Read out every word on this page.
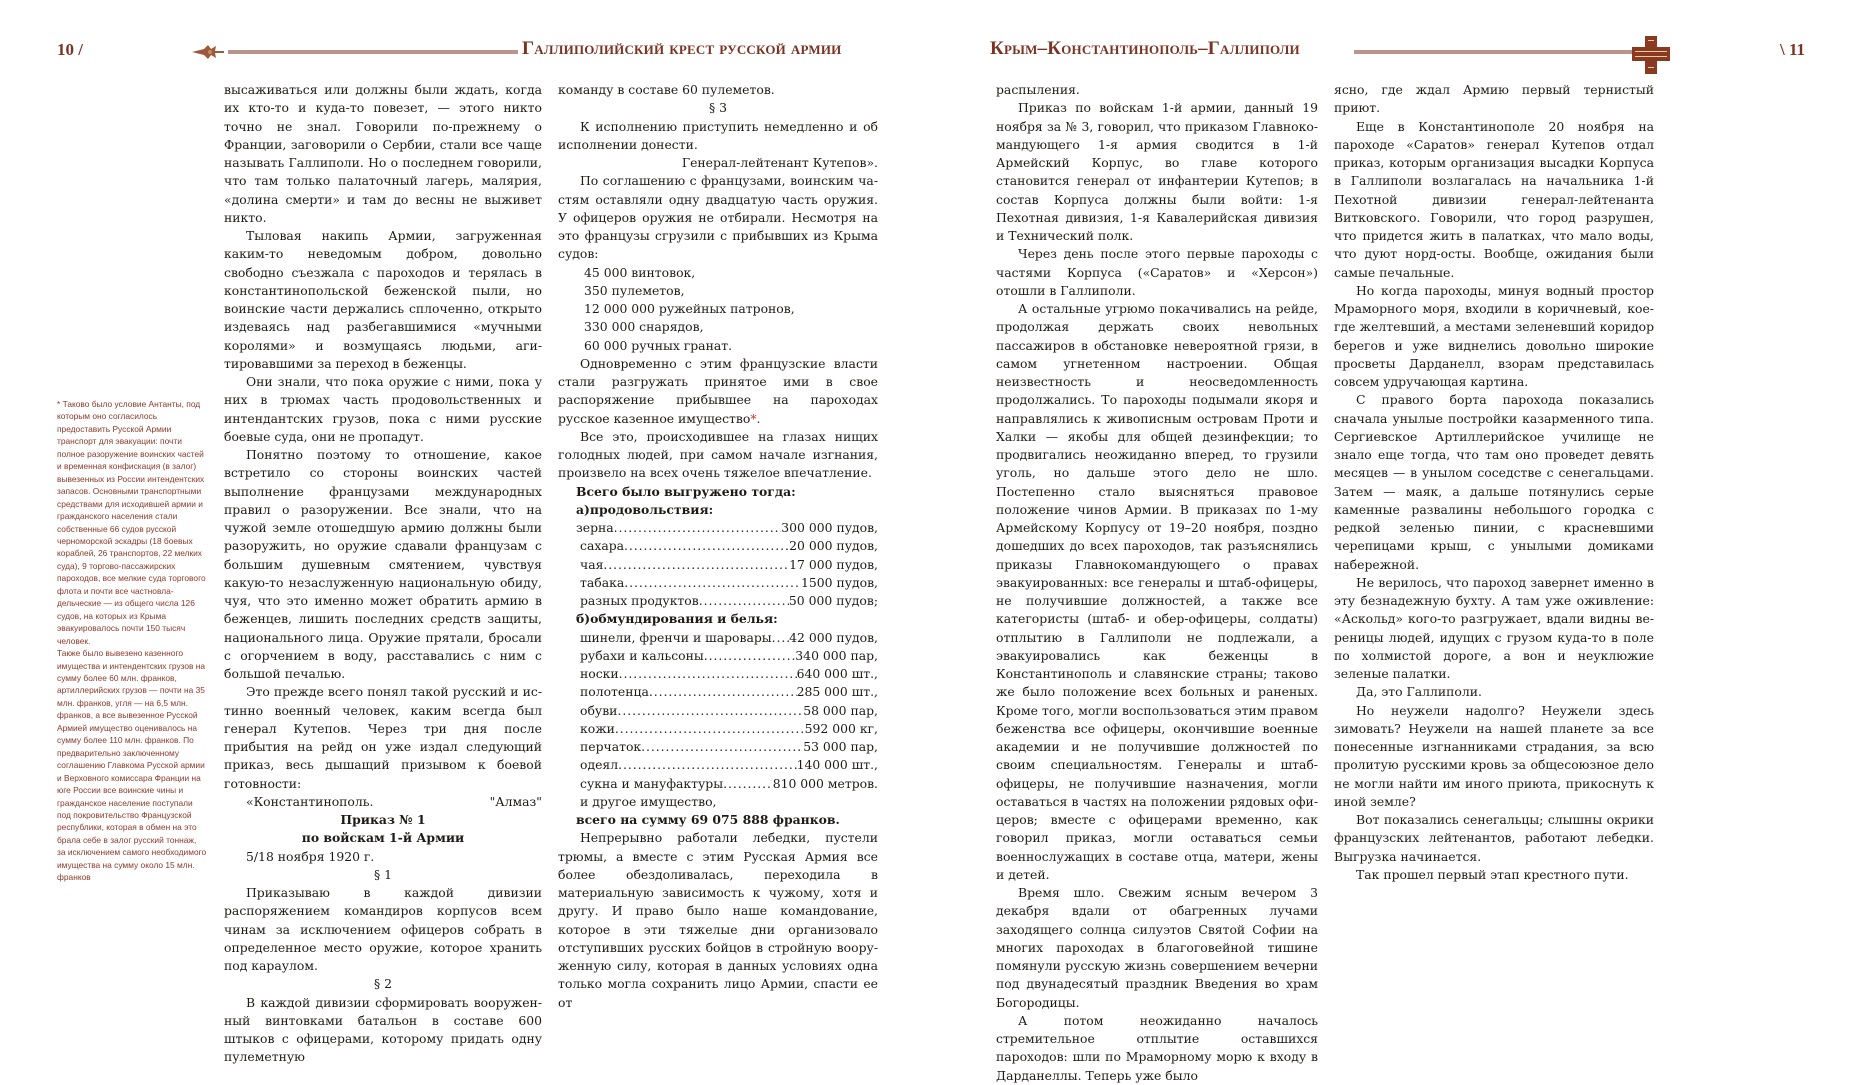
10 /	Галлиполийский крест русской армии	Крым–Константинополь–Галлиполи	\ 11

* Таково было условие Антанты, под которым оно согласилось предоставить Русской Армии транспорт для эвакуации: почти полное разоружение воинских частей и временная конфискация (в залог) вывезенных из России интендентских запасов. Основными транспортными средствами для исходившей армии и гражданского населения стали собственные 66 судов русской черноморской эскадры (18 боевых кораблей, 26 транспортов, 22 мелких суда), 9 торгово-пассажирских пароходов, все мелкие суда торгового флота и почти все частновладельческие — из общего числа 126 судов, на которых из Крыма эвакуировалось почти 150 тысяч человек.

Также было вывезено казенного имущества и интендентских грузов на сумму более 60 млн. франков, артиллерийских грузов — почти на 35 млн. франков, угля — на 6,5 млн. франков, а все вывезенное Русской Армией имущество оценивалось на сумму более 110 млн. франков. По предварительно заключенному соглашению Главкома Русской армии и Верховного комиссара Франции на юге России все воинские чины и гражданское население поступали под покровительство Французской республики, которая в обмен на это брала себе в залог русский тоннаж, за исключением самого необходимого имущества на сумму около 15 млн. франков

высаживаться или должны были ждать, когда их кто-то и куда-то повезет, — этого никто точно не знал. Говорили по-прежнему о Франции, заговорили о Сербии, стали все чаще называть Галлиполи. Но о последнем говорили, что там только палаточный лагерь, малярия, «долина смерти» и там до весны не выживет никто.

Тыловая накипь Армии, загруженная каким-то неведомым добром, довольно свободно съезжала с пароходов и терялась в константинопольской беженской пыли, но воинские части держались сплоченно, открыто издеваясь над разбегавшимися «мучными королями» и возмущаясь людьми, агитировавшими за переход в беженцы.

Они знали, что пока оружие с ними, пока у них в трюмах часть продовольственных и интендантских грузов, пока с ними русские боевые суда, они не пропадут.

Понятно поэтому то отношение, какое встретило со стороны воинских частей выполнение французами международных правил о разоружении. Все знали, что на чужой земле отошедшую армию должны были разоружить, но оружие сдавали французам с большим душевным смятением, чувствуя какую-то незаслуженную национальную обиду, чуя, что это именно может обратить армию в беженцев, лишить последних средств защиты, национального лица. Оружие прятали, бросали с огорчением в воду, расставались с ним с большой печалью.

Это прежде всего понял такой русский и истинно военный человек, каким всегда был генерал Кутепов. Через три дня после прибытия на рейд он уже издал следующий приказ, весь дышащий призывом к боевой готовности:

«Константинополь.	"Алмаз"

Приказ № 1

по войскам 1-й Армии

5/18 ноября 1920 г.

§ 1

Приказываю в каждой дивизии распоряжением командиров корпусов всем чинам за исключением офицеров собрать в определенное место оружие, которое хранить под караулом.

§ 2

В каждой дивизии сформировать вооруженный винтовками батальон в составе 600 штыков с офицерами, которому придать одну пулеметную

команду в составе 60 пулеметов.

§ 3

К исполнению приступить немедленно и об исполнении донести.

Генерал-лейтенант Кутепов».

По соглашению с французами, воинским частям оставляли одну двадцатую часть оружия. У офицеров оружия не отбирали. Несмотря на это французы сгрузили с прибывших из Крыма судов:

45 000 винтовок,
350 пулеметов,
12 000 000 ружейных патронов,
330 000 снарядов,
60 000 ручных гранат.

Одновременно с этим французские власти стали разгружать принятое ими в свое распоряжение прибывшее на пароходах русское казенное имущество*.

Все это, происходившее на глазах нищих голодных людей, при самом начале изгнания, произвело на всех очень тяжелое впечатление.

Всего было выгружено тогда:

а)продовольствия:

зерна . . .	300 000 пудов,
сахара . . .	20 000 пудов,
чая . . .	17 000 пудов,
табака . . .	1500 пудов,
разных продуктов . . .	50 000 пудов;

б)обмундирования и белья:

шинели, френчи и шаровары . . . 42 000 пудов,
рубахи и кальсоны . . .	340 000 пар,
носки . . .	640 000 шт.,
полотенца . . .	285 000 шт.,
обуви . . .	58 000 пар,
кожи . . .	592 000 кг,
перчаток . . .	53 000 пар,
одеял . . .	140 000 шт.,
сукна и мануфактуры . . .	810 000 метров.

и другое имущество,

всего на сумму 69 075 888 франков.

Непрерывно работали лебедки, пустели трюмы, а вместе с этим Русская Армия все более обездоливалась, переходила в материальную зависимость к чужому, хотя и другу. И право было наше командование, которое в эти тяжелые дни организовало отступивших русских бойцов в стройную вооруженную силу, которая в данных условиях одна только могла сохранить лицо Армии, спасти ее от

распыления.

Приказ по войскам 1-й армии, данный 19 ноября за № 3, говорил, что приказом Главнокомандующего 1-я армия сводится в 1-й Армейский Корпус, во главе которого становится генерал от инфантерии Кутепов; в состав Корпуса должны были войти: 1-я Пехотная дивизия, 1-я Кавалерийская дивизия и Технический полк.

Через день после этого первые пароходы с частями Корпуса («Саратов» и «Херсон») отошли в Галлиполи.

А остальные угрюмо покачивались на рейде, продолжая держать своих невольных пассажиров в обстановке невероятной грязи, в самом угнетенном настроении. Общая неизвестность и неосведомленность продолжались. То пароходы подымали якоря и направлялись к живописным островам Проти и Халки — якобы для общей дезинфекции; то продвигались неожиданно вперед, то грузили уголь, но дальше этого дело не шло. Постепенно стало выясняться правовое положение чинов Армии. В приказах по 1-му Армейскому Корпусу от 19–20 ноября, поздно дошедших до всех пароходов, так разъяснялись приказы Главнокомандующего о правах эвакуированных: все генералы и штаб-офицеры, не получившие должностей, а также все категористы (штаб- и обер-офицеры, солдаты) отплытию в Галлиполи не подлежали, а эвакуировались как беженцы в Константинополь и славянские страны; таково же было положение всех больных и раненых. Кроме того, могли воспользоваться этим правом беженства все офицеры, окончившие военные академии и не получившие должностей по своим специальностям. Генералы и штаб-офицеры, не получившие назначения, могли оставаться в частях на положении рядовых офицеров; вместе с офицерами временно, как говорил приказ, могли оставаться семьи военнослужащих в составе отца, матери, жены и детей.

Время шло. Свежим ясным вечером 3 декабря вдали от обагренных лучами заходящего солнца силуэтов Святой Софии на многих пароходах в благоговейной тишине помянули русскую жизнь совершением вечерни под двунадесятый праздник Введения во храм Богородицы.

А потом неожиданно началось стремительное отплытие оставшихся пароходов: шли по Мраморному морю к входу в Дарданеллы. Теперь уже было

ясно, где ждал Армию первый тернистый приют.

Еще в Константинополе 20 ноября на пароходе «Саратов» генерал Кутепов отдал приказ, которым организация высадки Корпуса в Галлиполи возлагалась на начальника 1-й Пехотной дивизии генерал-лейтенанта Витковского. Говорили, что город разрушен, что придется жить в палатках, что мало воды, что дуют норд-осты. Вообще, ожидания были самые печальные.

Но когда пароходы, минуя водный простор Мраморного моря, входили в коричневый, кое-где желтевший, а местами зеленевший коридор берегов и уже виднелись довольно широкие просветы Дарданелл, взорам представилась совсем удручающая картина.

С правого борта парохода показались сначала унылые постройки казарменного типа. Сергиевское Артиллерийское училище не знало еще тогда, что там оно проведет девять месяцев — в унылом соседстве с сенегальцами. Затем — маяк, а дальше потянулись серые каменные развалины небольшого городка с редкой зеленью пинии, с красневшими черепицами крыш, с унылыми домиками набережной.

Не верилось, что пароход завернет именно в эту безнадежную бухту. А там уже оживление: «Аскольд» кого-то разгружает, вдали видны вереницы людей, идущих с грузом куда-то в поле по холмистой дороге, а вон и неуклюжие зеленые палатки.

Да, это Галлиполи.

Но неужели надолго? Неужели здесь зимовать? Неужели на нашей планете за все понесенные изгнанниками страдания, за всю пролитую русскими кровь за общесоюзное дело не могли найти им иного приюта, прикоснуть к иной земле?

Вот показались сенегальцы; слышны окрики французских лейтенантов, работают лебедки. Выгрузка начинается.

Так прошел первый этап крестного пути.
